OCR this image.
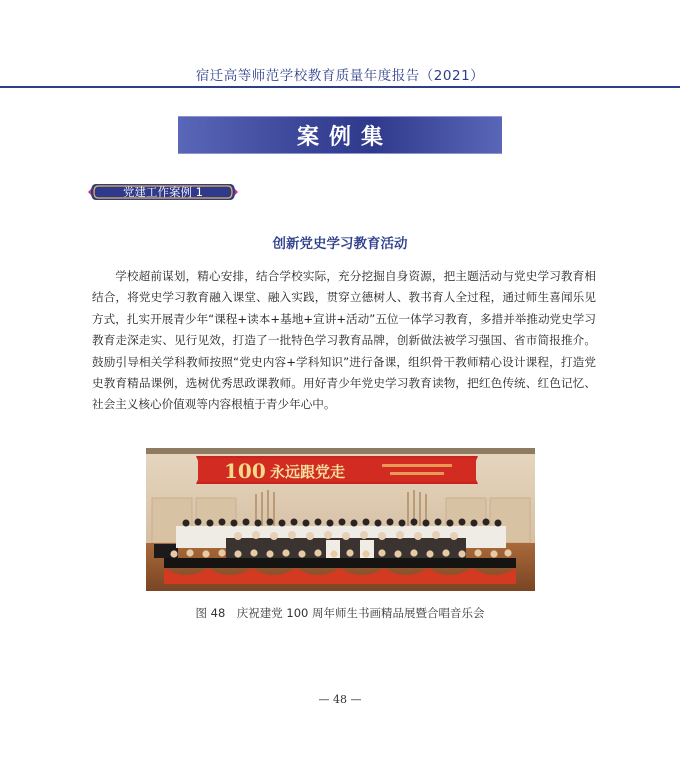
宿迁高等师范学校教育质量年度报告（2021）
案例集
党建工作案例 1
创新党史学习教育活动
学校超前谋划，精心安排，结合学校实际，充分挖掘自身资源，把主题活动与党史学习教育相结合，将党史学习教育融入课堂、融入实践，贯穿立德树人、教书育人全过程，通过师生喜闻乐见方式，扎实开展青少年“课程+读本+基地+宣讲+活动”五位一体学习教育，多措并举推动党史学习教育走深走实、见行见效，打造了一批特色学习教育品牌，创新做法被学习强国、省市简报推介。鼓励引导相关学科教师按照“党史内容+学科知识”进行备课，组织骨干教师精心设计课程，打造党史教育精品课例，选树优秀思政课教师。用好青少年党史学习教育读物，把红色传统、红色记忆、社会主义核心价值观等内容根植于青少年心中。
100 永远跟党走
图 48　庆祝建党 100 周年师生书画精品展暨合唱音乐会
— 48 —
